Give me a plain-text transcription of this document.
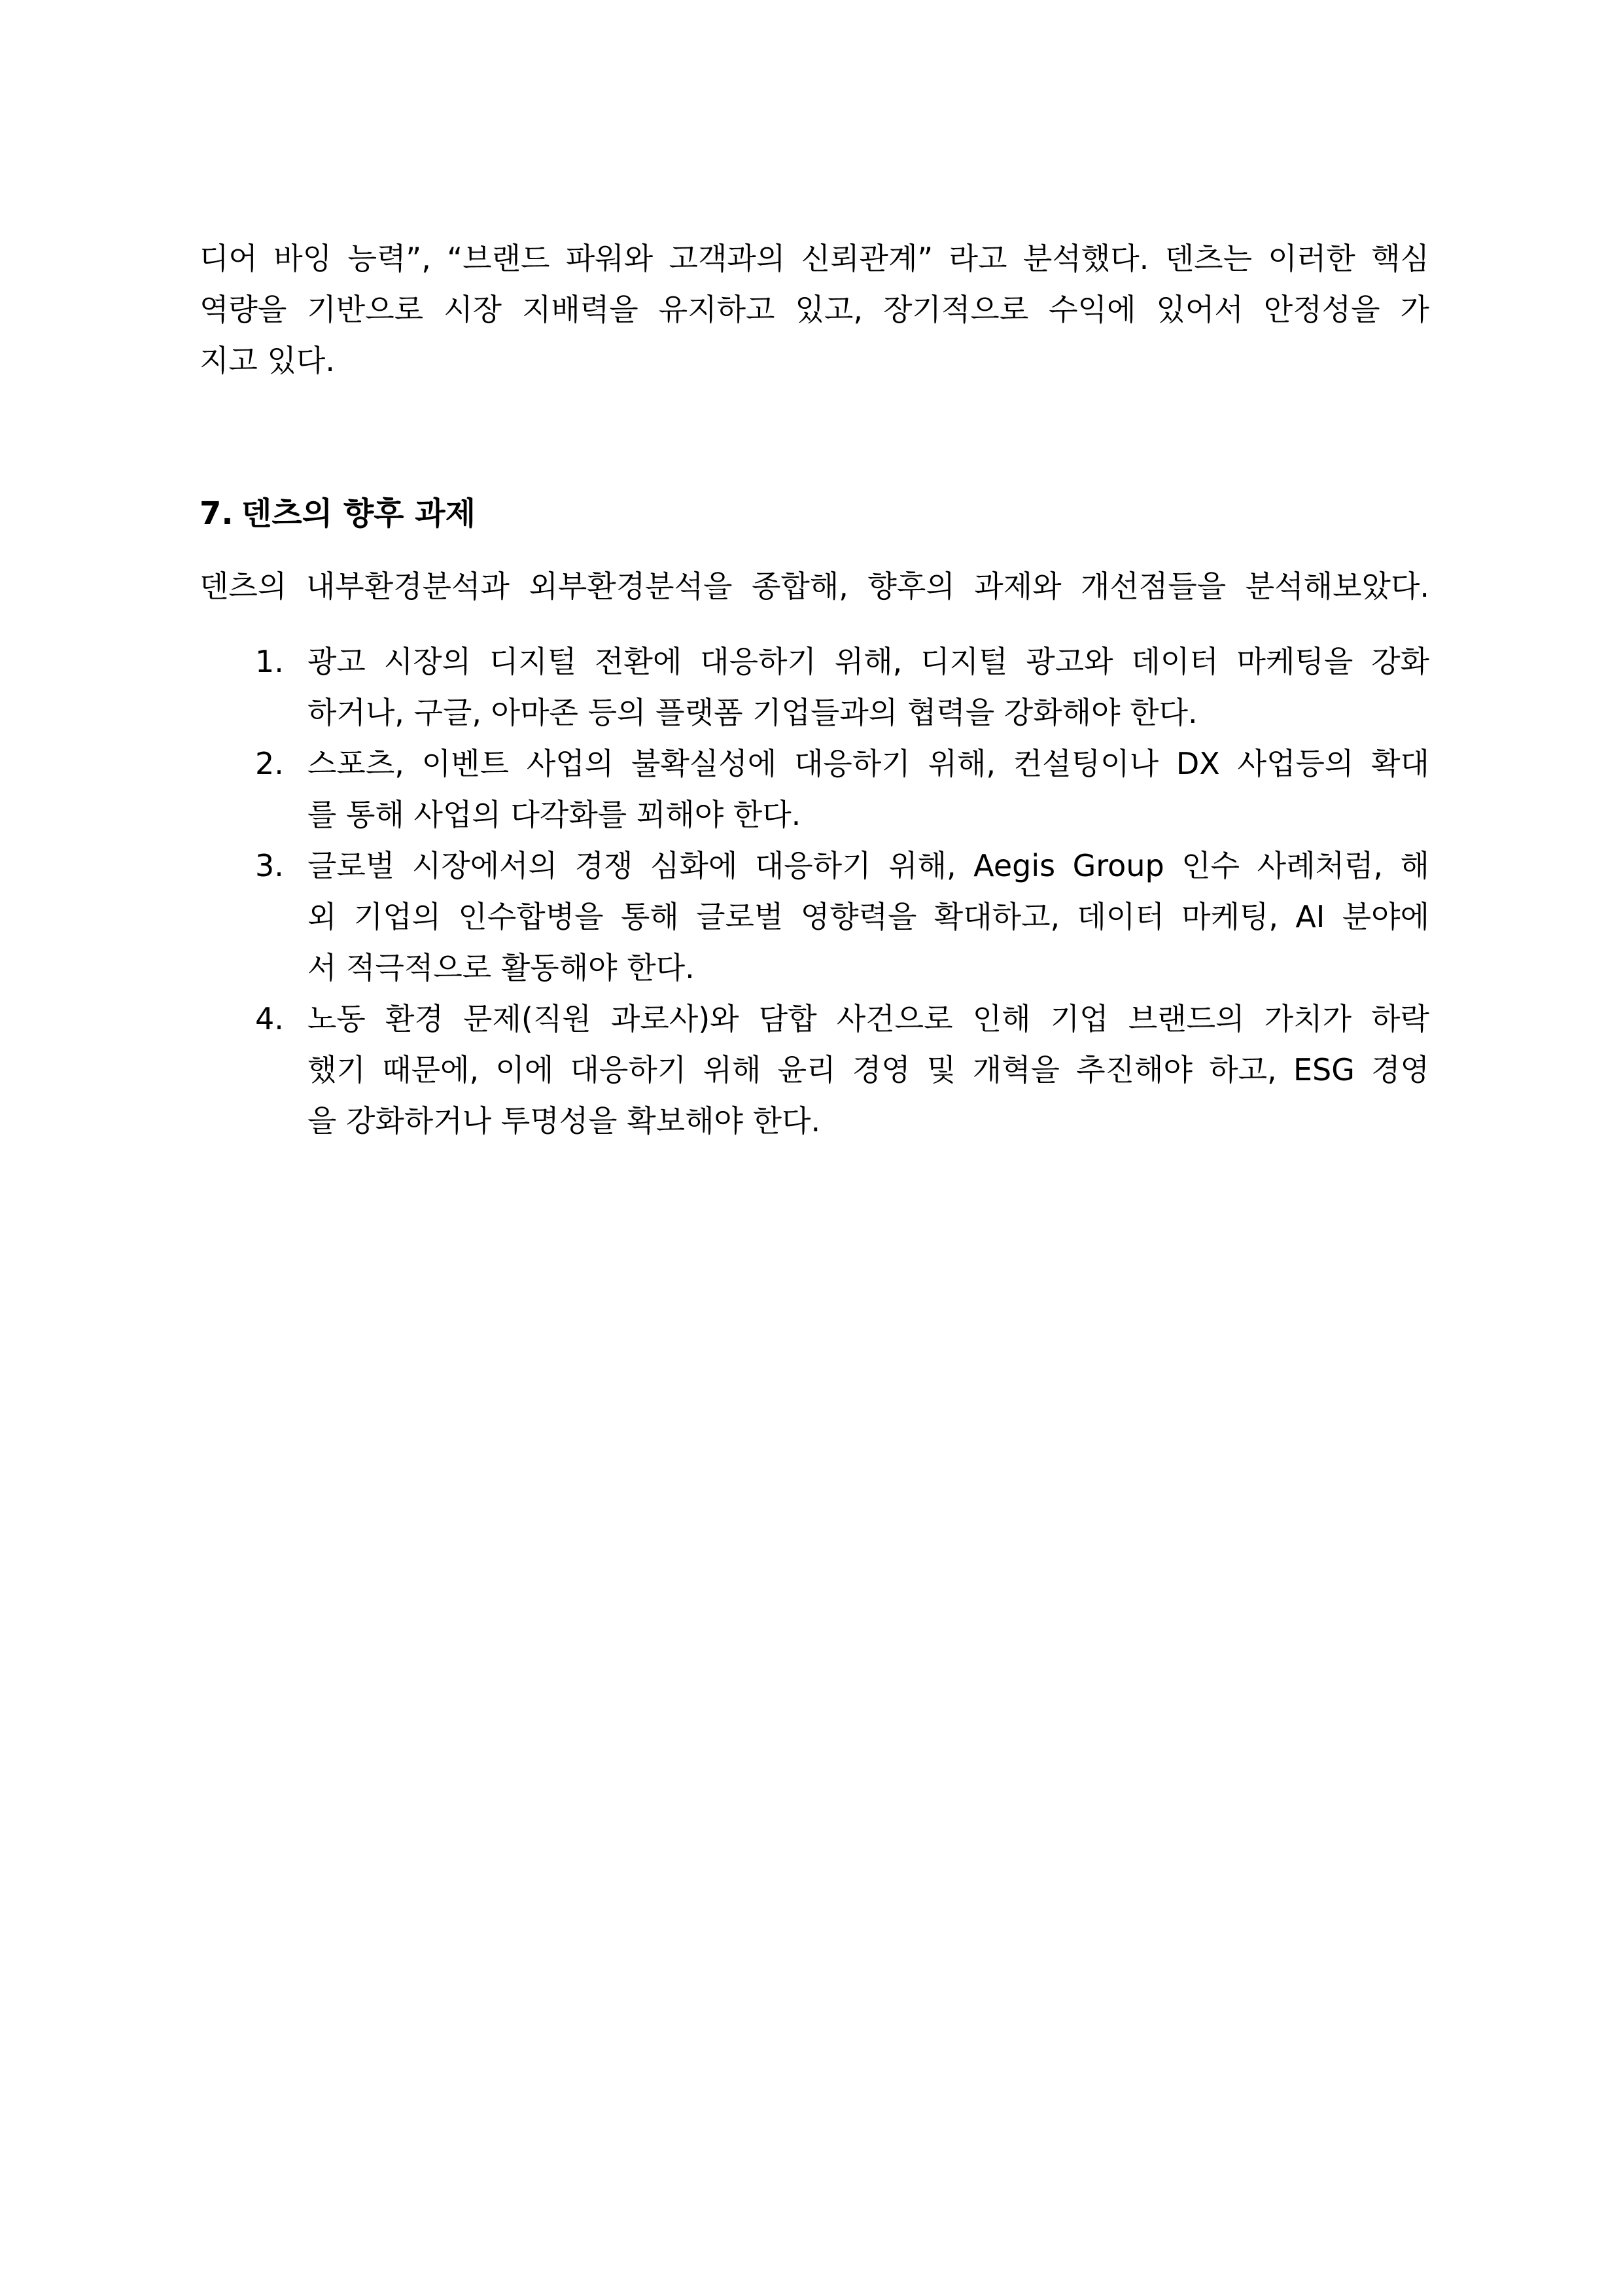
디어 바잉 능력”, “브랜드 파워와 고객과의 신뢰관계” 라고 분석했다. 덴츠는 이러한 핵심
역량을 기반으로 시장 지배력을 유지하고 있고, 장기적으로 수익에 있어서 안정성을 가
지고 있다.
7. 덴츠의 향후 과제
덴츠의 내부환경분석과 외부환경분석을 종합해, 향후의 과제와 개선점들을 분석해보았다.
1. 광고 시장의 디지털 전환에 대응하기 위해, 디지털 광고와 데이터 마케팅을 강화
하거나, 구글, 아마존 등의 플랫폼 기업들과의 협력을 강화해야 한다.
2. 스포츠, 이벤트 사업의 불확실성에 대응하기 위해, 컨설팅이나 DX 사업등의 확대
를 통해 사업의 다각화를 꾀해야 한다.
3. 글로벌 시장에서의 경쟁 심화에 대응하기 위해, Aegis Group 인수 사례처럼, 해
외 기업의 인수합병을 통해 글로벌 영향력을 확대하고, 데이터 마케팅, AI 분야에
서 적극적으로 활동해야 한다.
4. 노동 환경 문제(직원 과로사)와 담합 사건으로 인해 기업 브랜드의 가치가 하락
했기 때문에, 이에 대응하기 위해 윤리 경영 및 개혁을 추진해야 하고, ESG 경영
을 강화하거나 투명성을 확보해야 한다.
